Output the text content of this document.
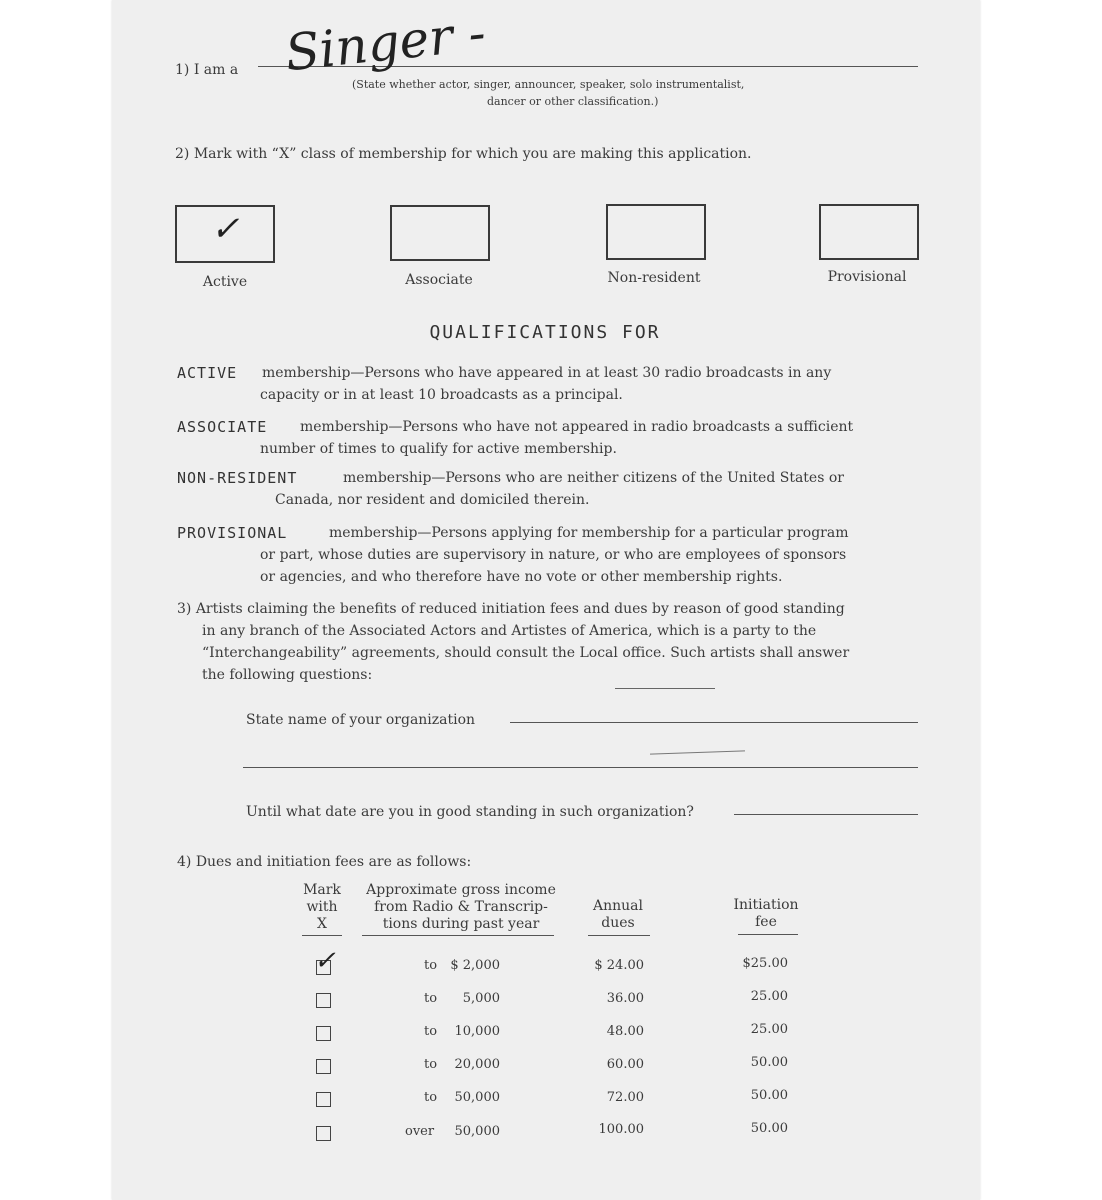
1) I am a Singer -
(State whether actor, singer, announcer, speaker, solo instrumentalist,
dancer or other classification.)
2) Mark with “X” class of membership for which you are making this application.
✓
Active	Associate	Non-resident	Provisional
QUALIFICATIONS FOR
ACTIVE membership—Persons who have appeared in at least 30 radio broadcasts in any
capacity or in at least 10 broadcasts as a principal.
ASSOCIATE membership—Persons who have not appeared in radio broadcasts a sufficient
number of times to qualify for active membership.
NON-RESIDENT	membership—Persons who are neither citizens of the United States or
Canada, nor resident and domiciled therein.
PROVISIONAL	membership—Persons applying for membership for a particular program
or part, whose duties are supervisory in nature, or who are employees of sponsors
or agencies, and who therefore have no vote or other membership rights.
3) Artists claiming the benefits of reduced initiation fees and dues by reason of good standing
in any branch of the Associated Actors and Artistes of America, which is a party to the
“Interchangeability” agreements, should consult the Local office. Such artists shall answer
the following questions:
State name of your organization
Until what date are you in good standing in such organization?
4) Dues and initiation fees are as follows:
Mark
with
X
Approximate gross income
from Radio & Transcrip-
tions during past year
Annual
dues
Initiation
fee
✓	to	$ 2,000	$ 24.00	$25.00
to	5,000	36.00	25.00
to	10,000	48.00	25.00
to	20,000	60.00	50.00
to	50,000	72.00	50.00
over	50,000	100.00	50.00
